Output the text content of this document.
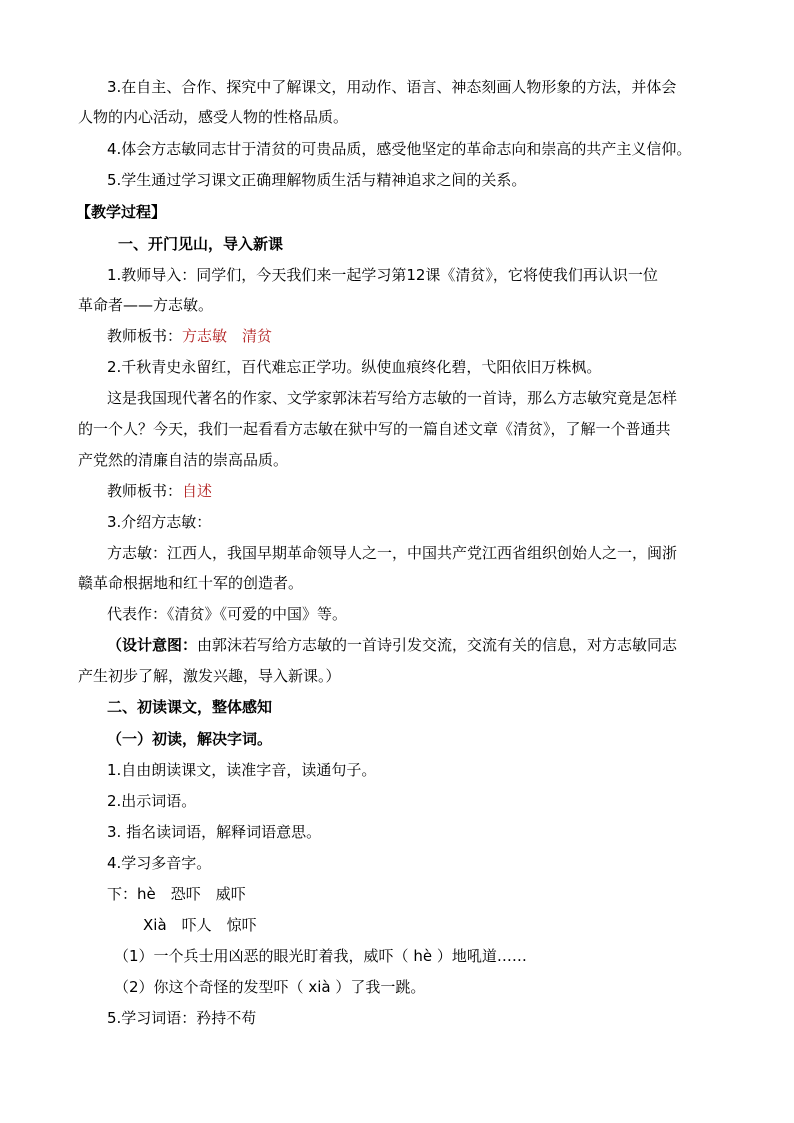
3.在自主、合作、探究中了解课文，用动作、语言、神态刻画人物形象的方法，并体会
人物的内心活动，感受人物的性格品质。
4.体会方志敏同志甘于清贫的可贵品质，感受他坚定的革命志向和崇高的共产主义信仰。
5.学生通过学习课文正确理解物质生活与精神追求之间的关系。
【教学过程】
一、开门见山，导入新课
1.教师导入：同学们，今天我们来一起学习第12课《清贫》，它将使我们再认识一位
革命者——方志敏。
教师板书：方志敏　清贫
2.千秋青史永留红，百代难忘正学功。纵使血痕终化碧，弋阳依旧万株枫。
这是我国现代著名的作家、文学家郭沫若写给方志敏的一首诗，那么方志敏究竟是怎样
的一个人？今天，我们一起看看方志敏在狱中写的一篇自述文章《清贫》，了解一个普通共
产党然的清廉自洁的崇高品质。
教师板书：自述
3.介绍方志敏：
方志敏：江西人，我国早期革命领导人之一，中国共产党江西省组织创始人之一，闽浙
赣革命根据地和红十军的创造者。
代表作：《清贫》《可爱的中国》等。
（设计意图：由郭沫若写给方志敏的一首诗引发交流，交流有关的信息，对方志敏同志
产生初步了解，激发兴趣，导入新课。）
二、初读课文，整体感知
（一）初读，解决字词。
1.自由朗读课文，读准字音，读通句子。
2.出示词语。
3. 指名读词语，解释词语意思。
4.学习多音字。
下：hè　恐吓　威吓
Xià　吓人　惊吓
（1）一个兵士用凶恶的眼光盯着我，威吓（ hè ）地吼道……
（2）你这个奇怪的发型吓（ xià ）了我一跳。
5.学习词语：矜持不苟
